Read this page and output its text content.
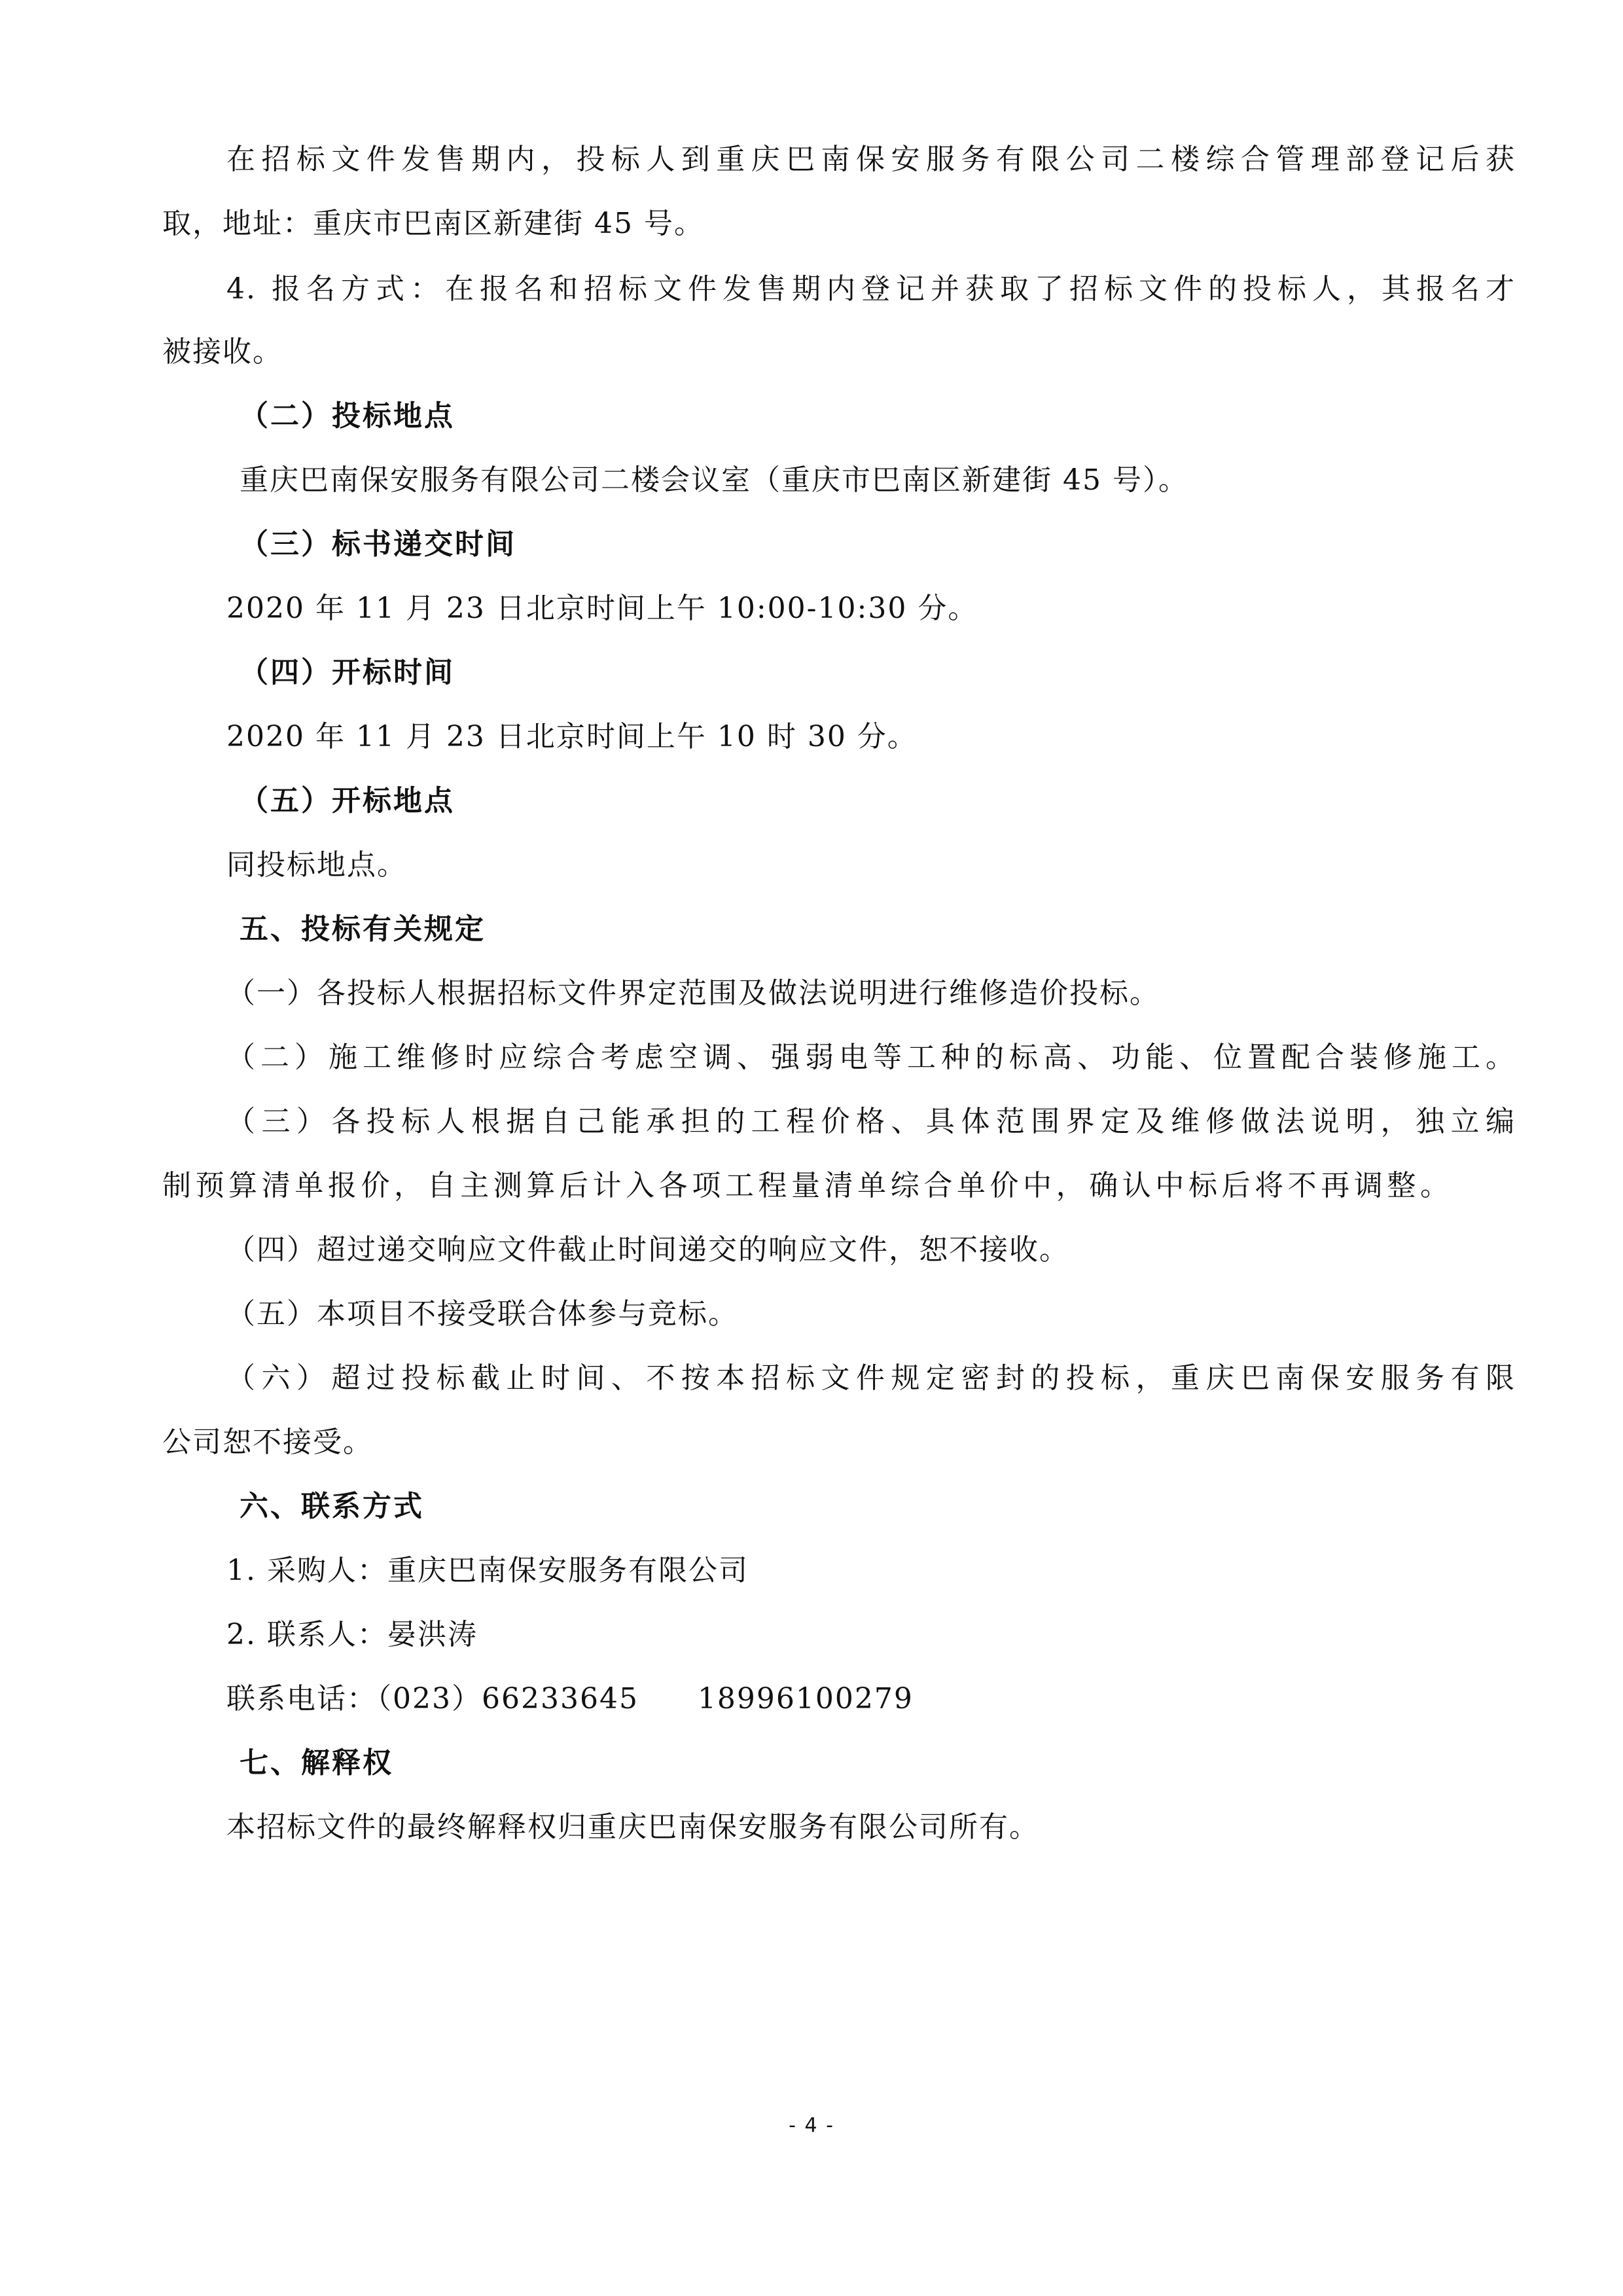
在招标文件发售期内，投标人到重庆巴南保安服务有限公司二楼综合管理部登记后获
取，地址：重庆市巴南区新建街 45 号。
4. 报名方式：在报名和招标文件发售期内登记并获取了招标文件的投标人，其报名才
被接收。
（二）投标地点
重庆巴南保安服务有限公司二楼会议室（重庆市巴南区新建街 45 号）。
（三）标书递交时间
2020 年 11 月 23 日北京时间上午 10:00-10:30 分。
（四）开标时间
2020 年 11 月 23 日北京时间上午 10 时 30 分。
（五）开标地点
同投标地点。
五、投标有关规定
（一）各投标人根据招标文件界定范围及做法说明进行维修造价投标。
（二）施工维修时应综合考虑空调、强弱电等工种的标高、功能、位置配合装修施工。
（三）各投标人根据自己能承担的工程价格、具体范围界定及维修做法说明，独立编
制预算清单报价，自主测算后计入各项工程量清单综合单价中，确认中标后将不再调整。
（四）超过递交响应文件截止时间递交的响应文件，恕不接收。
（五）本项目不接受联合体参与竞标。
（六）超过投标截止时间、不按本招标文件规定密封的投标，重庆巴南保安服务有限
公司恕不接受。
六、联系方式
1. 采购人：重庆巴南保安服务有限公司
2. 联系人：晏洪涛
联系电话：（023）66233645 18996100279
七、解释权
本招标文件的最终解释权归重庆巴南保安服务有限公司所有。
- 4 -
